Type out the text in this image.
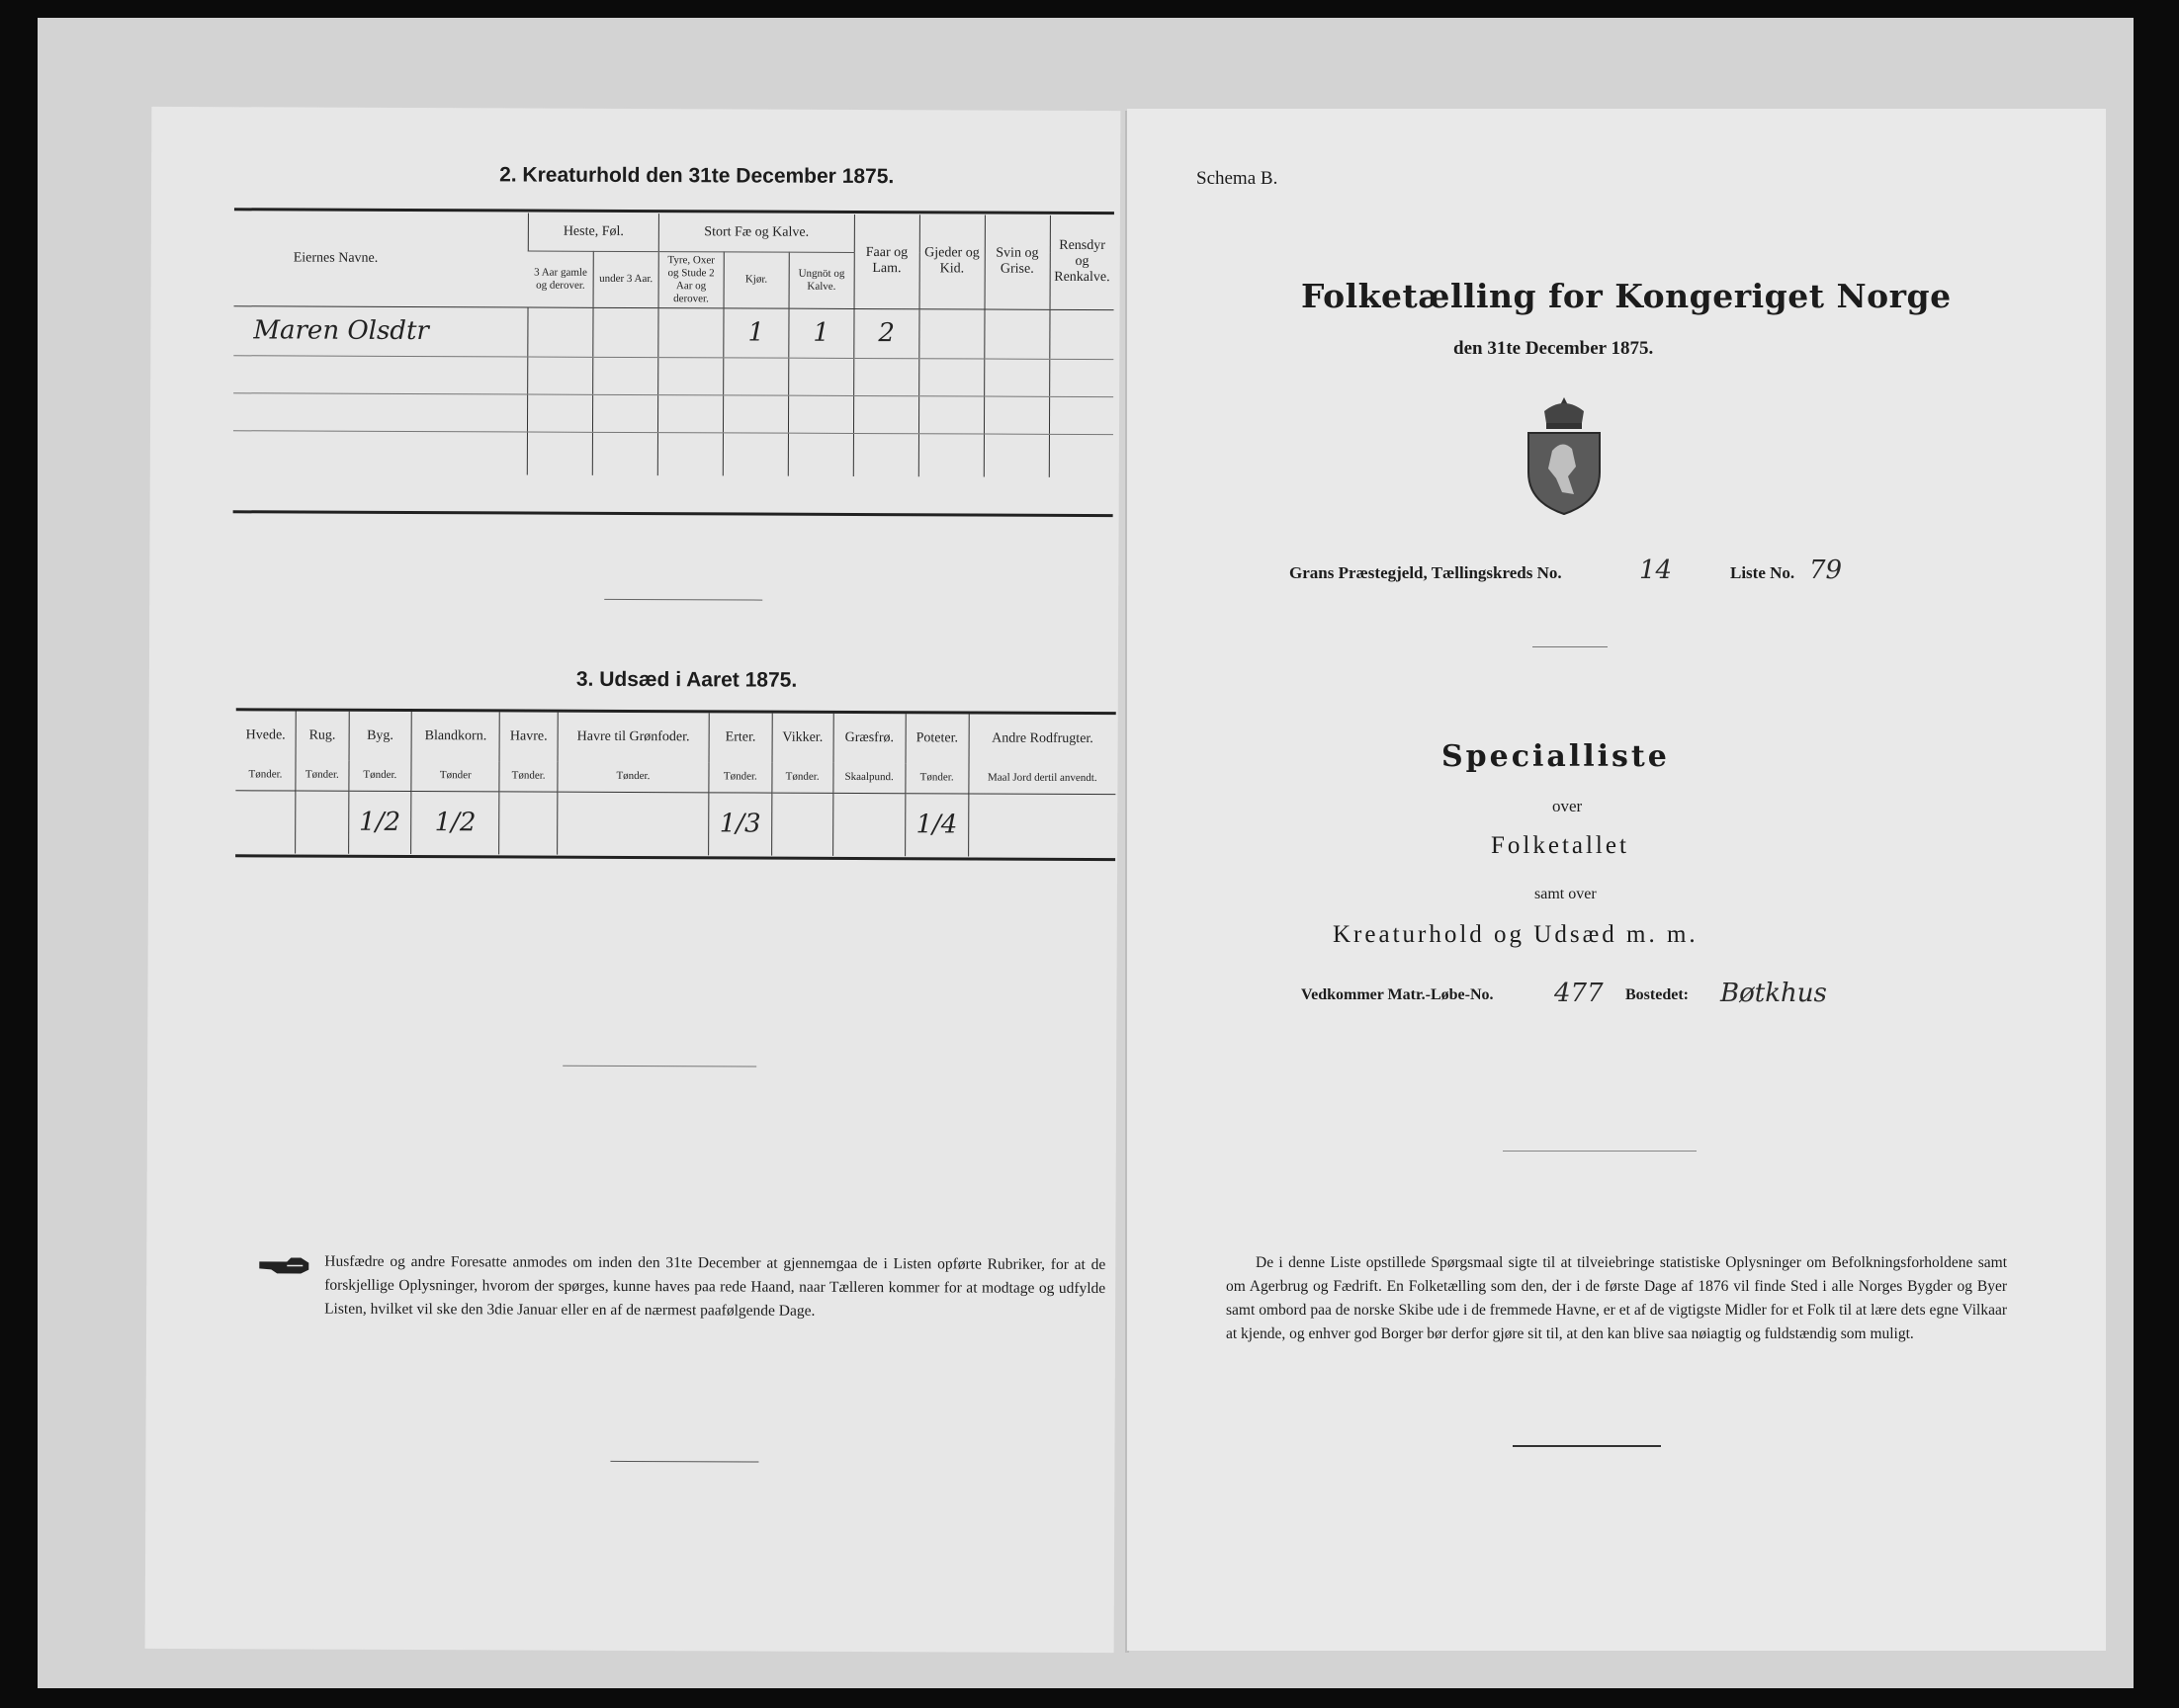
2. Kreaturhold den 31te December 1875.
Eiernes Navne.	Heste, Føl.		Stort Fæ og Kalve.			Faar og Lam.	Gjeder og Kid.	Svin og Grise.	Rensdyr og Renkalve.
	3 Aar gamle og derover.	under 3 Aar.	Tyre, Oxer og Stude 2 Aar og derover.	Kjør.	Ungnöt og Kalve.				
Maren Olsdtr				1	1	2			

3. Udsæd i Aaret 1875.
Hvede.	Rug.	Byg.	Blandkorn.	Havre.	Havre til Grønfoder.	Erter.	Vikker.	Græsfrø.	Poteter.	Andre Rodfrugter.
Tønder.	Tønder.	Tønder.	Tønder	Tønder.	Tønder.	Tønder.	Tønder.	Skaalpund.	Tønder.	Maal Jord dertil anvendt.
		1/2	1/2			1/3			1/4	
Husfædre og andre Foresatte anmodes om inden den 31te December at gjennemgaa de i Listen opførte Rubriker, for at de forskjellige Oplysninger, hvorom der spørges, kunne haves paa rede Haand, naar Tælleren kommer for at modtage og udfylde Listen, hvilket vil ske den 3die Januar eller en af de nærmest paafølgende Dage.
Schema B.
Folketælling for Kongeriget Norge
den 31te December 1875.
Grans Præstegjeld, Tællingskreds No.	14	Liste No. 79
Specialliste
over
Folketallet
samt over
Kreaturhold og Udsæd m. m.
Vedkommer Matr.-Løbe-No. 477 Bostedet: Bøtkhus
De i denne Liste opstillede Spørgsmaal sigte til at tilveiebringe statistiske Oplysninger om Befolkningsforholdene samt om Agerbrug og Fædrift. En Folketælling som den, der i de første Dage af 1876 vil finde Sted i alle Norges Bygder og Byer samt ombord paa de norske Skibe ude i de fremmede Havne, er et af de vigtigste Midler for et Folk til at lære dets egne Vilkaar at kjende, og enhver god Borger bør derfor gjøre sit til, at den kan blive saa nøiagtig og fuldstændig som muligt.
